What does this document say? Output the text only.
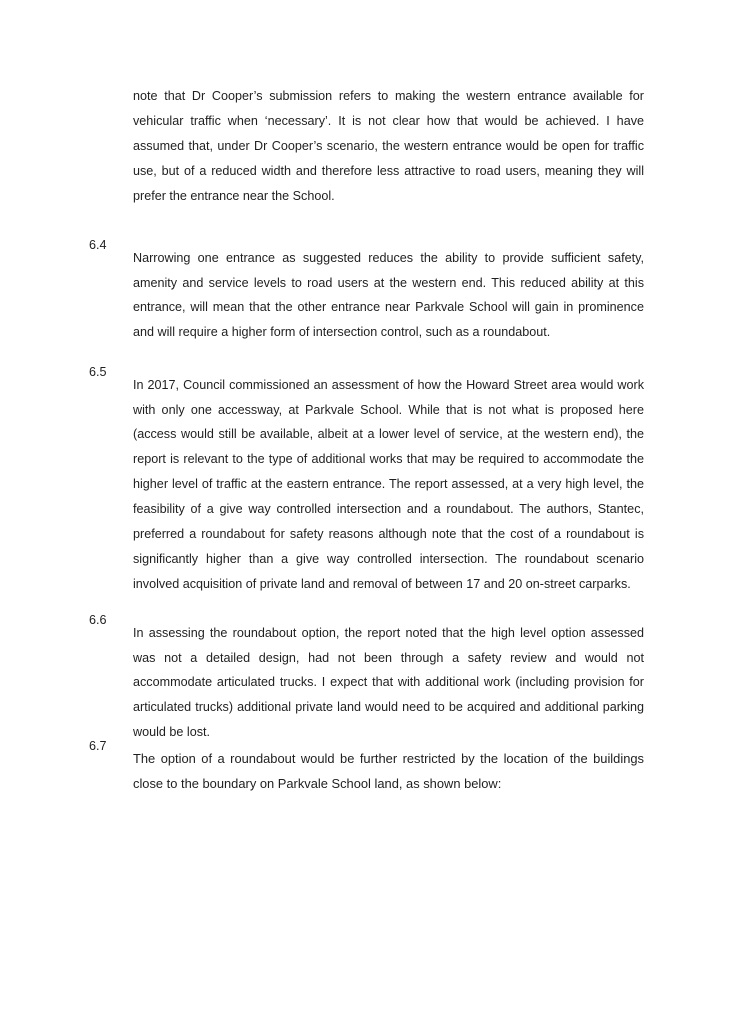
note that Dr Cooper’s submission refers to making the western entrance available for vehicular traffic when ‘necessary’. It is not clear how that would be achieved. I have assumed that, under Dr Cooper’s scenario, the western entrance would be open for traffic use, but of a reduced width and therefore less attractive to road users, meaning they will prefer the entrance near the School.

6.4

Narrowing one entrance as suggested reduces the ability to provide sufficient safety, amenity and service levels to road users at the western end. This reduced ability at this entrance, will mean that the other entrance near Parkvale School will gain in prominence and will require a higher form of intersection control, such as a roundabout.

6.5

In 2017, Council commissioned an assessment of how the Howard Street area would work with only one accessway, at Parkvale School. While that is not what is proposed here (access would still be available, albeit at a lower level of service, at the western end), the report is relevant to the type of additional works that may be required to accommodate the higher level of traffic at the eastern entrance. The report assessed, at a very high level, the feasibility of a give way controlled intersection and a roundabout. The authors, Stantec, preferred a roundabout for safety reasons although note that the cost of a roundabout is significantly higher than a give way controlled intersection. The roundabout scenario involved acquisition of private land and removal of between 17 and 20 on-street carparks.

6.6

In assessing the roundabout option, the report noted that the high level option assessed was not a detailed design, had not been through a safety review and would not accommodate articulated trucks. I expect that with additional work (including provision for articulated trucks) additional private land would need to be acquired and additional parking would be lost.

6.7

The option of a roundabout would be further restricted by the location of the buildings close to the boundary on Parkvale School land, as shown below:
